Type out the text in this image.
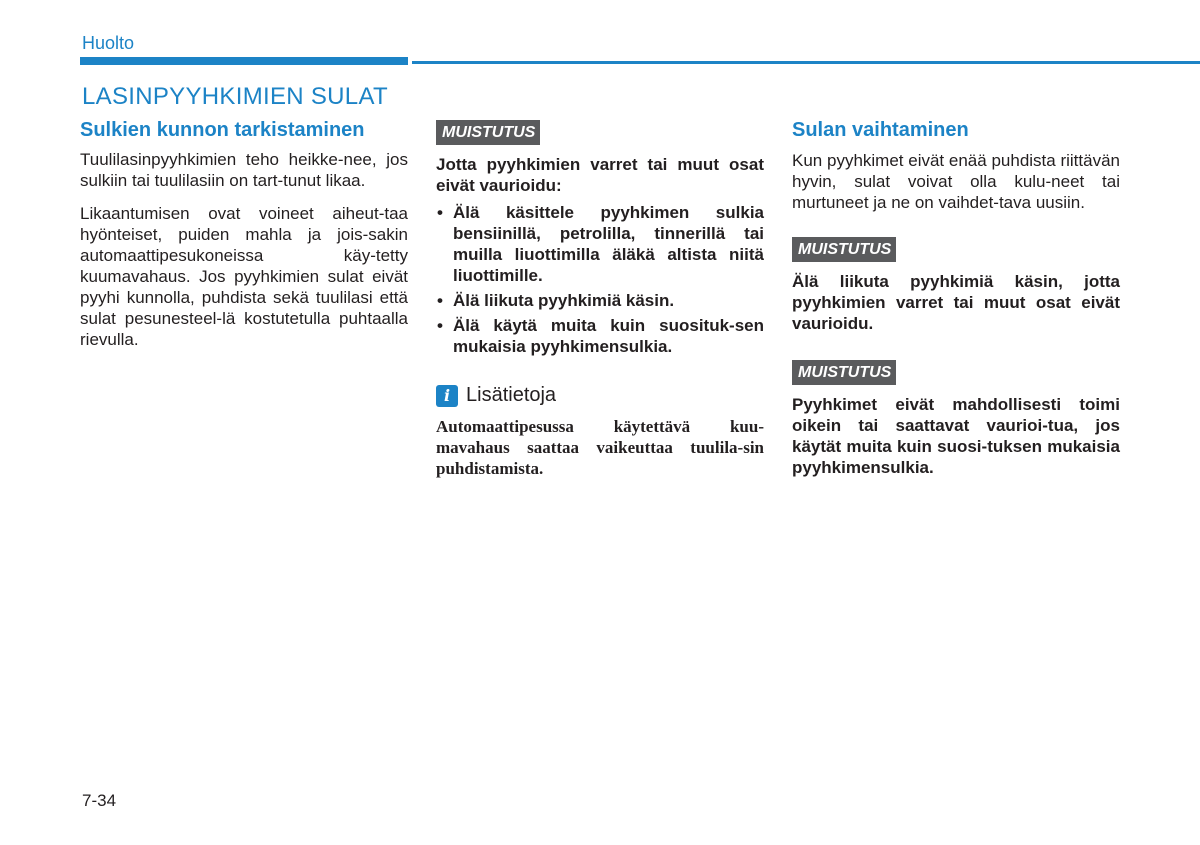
Huolto
LASINPYYHKIMIEN SULAT
Sulkien kunnon tarkistaminen

Tuulilasinpyyhkimien teho heikke-nee, jos sulkiin tai tuulilasiin on tart-tunut likaa.

Likaantumisen ovat voineet aiheut-taa hyönteiset, puiden mahla ja jois-sakin automaattipesukoneissa käy-tetty kuumavahaus. Jos pyyhkimien sulat eivät pyyhi kunnolla, puhdista sekä tuulilasi että sulat pesunesteel-lä kostutetulla puhtaalla rievulla.

MUISTUTUS

Jotta pyyhkimien varret tai muut osat eivät vaurioidu:

• Älä käsittele pyyhkimen sulkia bensiinillä, petrolilla, tinnerillä tai muilla liuottimilla äläkä altista niitä liuottimille.
• Älä liikuta pyyhkimiä käsin.
• Älä käytä muita kuin suosituk-sen mukaisia pyyhkimensulkia.
i Lisätietoja
Automaattipesussa käytettävä kuu-mavahaus saattaa vaikeuttaa tuulila-sin puhdistamista.
Sulan vaihtaminen

Kun pyyhkimet eivät enää puhdista riittävän hyvin, sulat voivat olla kulu-neet tai murtuneet ja ne on vaihdet-tava uusiin.

MUISTUTUS

Älä liikuta pyyhkimiä käsin, jotta pyyhkimien varret tai muut osat eivät vaurioidu.

MUISTUTUS

Pyyhkimet eivät mahdollisesti toimi oikein tai saattavat vaurioi-tua, jos käytät muita kuin suosi-tuksen mukaisia pyyhkimensulkia.

7-34
